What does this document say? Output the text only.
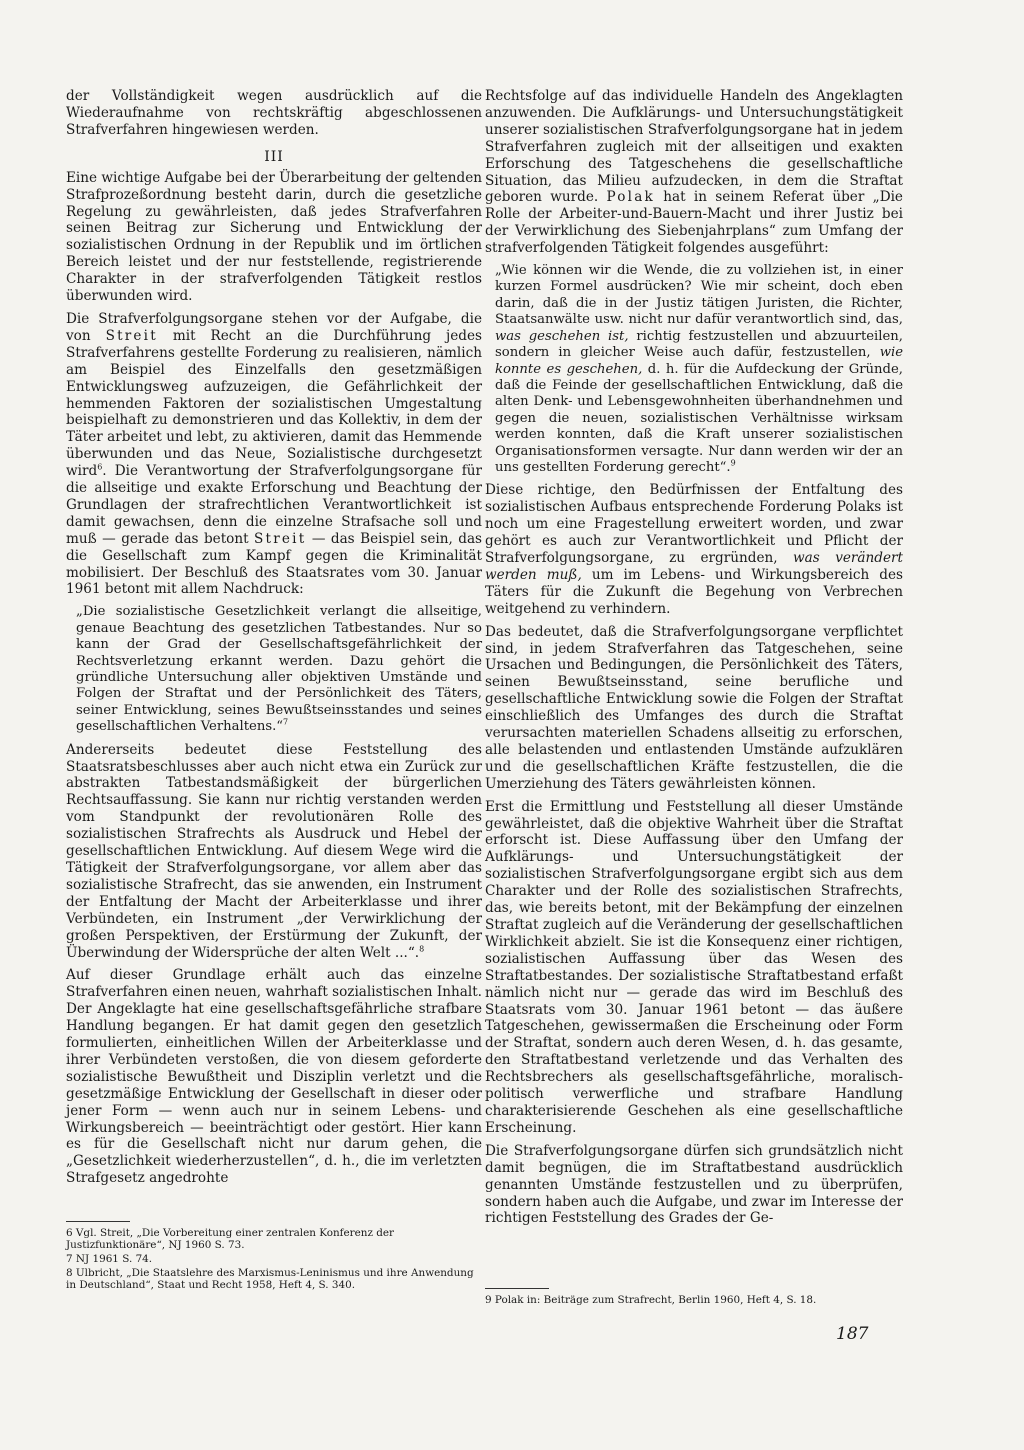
der Vollständigkeit wegen ausdrücklich auf die Wiederaufnahme von rechtskräftig abgeschlossenen Strafverfahren hingewiesen werden.

III

Eine wichtige Aufgabe bei der Überarbeitung der geltenden Strafprozeßordnung besteht darin, durch die gesetzliche Regelung zu gewährleisten, daß jedes Strafverfahren seinen Beitrag zur Sicherung und Entwicklung der sozialistischen Ordnung in der Republik und im örtlichen Bereich leistet und der nur feststellende, registrierende Charakter in der strafverfolgenden Tätigkeit restlos überwunden wird.

Die Strafverfolgungsorgane stehen vor der Aufgabe, die von Streit mit Recht an die Durchführung jedes Strafverfahrens gestellte Forderung zu realisieren, nämlich am Beispiel des Einzelfalls den gesetzmäßigen Entwicklungsweg aufzuzeigen, die Gefährlichkeit der hemmenden Faktoren der sozialistischen Umgestaltung beispielhaft zu demonstrieren und das Kollektiv, in dem der Täter arbeitet und lebt, zu aktivieren, damit das Hemmende überwunden und das Neue, Sozialistische durchgesetzt wird$^6$. Die Verantwortung der Strafverfolgungsorgane für die allseitige und exakte Erforschung und Beachtung der Grundlagen der strafrechtlichen Verantwortlichkeit ist damit gewachsen, denn die einzelne Strafsache soll und muß — gerade das betont Streit — das Beispiel sein, das die Gesellschaft zum Kampf gegen die Kriminalität mobilisiert. Der Beschluß des Staatsrates vom 30. Januar 1961 betont mit allem Nachdruck:

„Die sozialistische Gesetzlichkeit verlangt die allseitige, genaue Beachtung des gesetzlichen Tatbestandes. Nur so kann der Grad der Gesellschaftsgefährlichkeit der Rechtsverletzung erkannt werden. Dazu gehört die gründliche Untersuchung aller objektiven Umstände und Folgen der Straftat und der Persönlichkeit des Täters, seiner Entwicklung, seines Bewußtseinsstandes und seines gesellschaftlichen Verhaltens.“$^7$

Andererseits bedeutet diese Feststellung des Staatsratsbeschlusses aber auch nicht etwa ein Zurück zur abstrakten Tatbestandsmäßigkeit der bürgerlichen Rechtsauffassung. Sie kann nur richtig verstanden werden vom Standpunkt der revolutionären Rolle des sozialistischen Strafrechts als Ausdruck und Hebel der gesellschaftlichen Entwicklung. Auf diesem Wege wird die Tätigkeit der Strafverfolgungsorgane, vor allem aber das sozialistische Strafrecht, das sie anwenden, ein Instrument der Entfaltung der Macht der Arbeiterklasse und ihrer Verbündeten, ein Instrument „der Verwirklichung der großen Perspektiven, der Erstürmung der Zukunft, der Überwindung der Widersprüche der alten Welt ...“.$^8$

Auf dieser Grundlage erhält auch das einzelne Strafverfahren einen neuen, wahrhaft sozialistischen Inhalt. Der Angeklagte hat eine gesellschaftsgefährliche strafbare Handlung begangen. Er hat damit gegen den gesetzlich formulierten, einheitlichen Willen der Arbeiterklasse und ihrer Verbündeten verstoßen, die von diesem geforderte sozialistische Bewußtheit und Disziplin verletzt und die gesetzmäßige Entwicklung der Gesellschaft in dieser oder jener Form — wenn auch nur in seinem Lebens- und Wirkungsbereich — beeinträchtigt oder gestört. Hier kann es für die Gesellschaft nicht nur darum gehen, die „Gesetzlichkeit wiederherzustellen“, d. h., die im verletzten Strafgesetz angedrohte

Rechtsfolge auf das individuelle Handeln des Angeklagten anzuwenden. Die Aufklärungs- und Untersuchungstätigkeit unserer sozialistischen Strafverfolgungsorgane hat in jedem Strafverfahren zugleich mit der allseitigen und exakten Erforschung des Tatgeschehens die gesellschaftliche Situation, das Milieu aufzudecken, in dem die Straftat geboren wurde. Polak hat in seinem Referat über „Die Rolle der Arbeiter-und-Bauern-Macht und ihrer Justiz bei der Verwirklichung des Siebenjahrplans“ zum Umfang der strafverfolgenden Tätigkeit folgendes ausgeführt:

„Wie können wir die Wende, die zu vollziehen ist, in einer kurzen Formel ausdrücken? Wie mir scheint, doch eben darin, daß die in der Justiz tätigen Juristen, die Richter, Staatsanwälte usw. nicht nur dafür verantwortlich sind, das, was geschehen ist, richtig festzustellen und abzuurteilen, sondern in gleicher Weise auch dafür, festzustellen, wie konnte es geschehen, d. h. für die Aufdeckung der Gründe, daß die Feinde der gesellschaftlichen Entwicklung, daß die alten Denk- und Lebensgewohnheiten überhandnehmen und gegen die neuen, sozialistischen Verhältnisse wirksam werden konnten, daß die Kraft unserer sozialistischen Organisationsformen versagte. Nur dann werden wir der an uns gestellten Forderung gerecht“.$^9$

Diese richtige, den Bedürfnissen der Entfaltung des sozialistischen Aufbaus entsprechende Forderung Polaks ist noch um eine Fragestellung erweitert worden, und zwar gehört es auch zur Verantwortlichkeit und Pflicht der Strafverfolgungsorgane, zu ergründen, was verändert werden muß, um im Lebens- und Wirkungsbereich des Täters für die Zukunft die Begehung von Verbrechen weitgehend zu verhindern.

Das bedeutet, daß die Strafverfolgungsorgane verpflichtet sind, in jedem Strafverfahren das Tatgeschehen, seine Ursachen und Bedingungen, die Persönlichkeit des Täters, seinen Bewußtseinsstand, seine berufliche und gesellschaftliche Entwicklung sowie die Folgen der Straftat einschließlich des Umfanges des durch die Straftat verursachten materiellen Schadens allseitig zu erforschen, alle belastenden und entlastenden Umstände aufzuklären und die gesellschaftlichen Kräfte festzustellen, die die Umerziehung des Täters gewährleisten können.

Erst die Ermittlung und Feststellung all dieser Umstände gewährleistet, daß die objektive Wahrheit über die Straftat erforscht ist. Diese Auffassung über den Umfang der Aufklärungs- und Untersuchungstätigkeit der sozialistischen Strafverfolgungsorgane ergibt sich aus dem Charakter und der Rolle des sozialistischen Strafrechts, das, wie bereits betont, mit der Bekämpfung der einzelnen Straftat zugleich auf die Veränderung der gesellschaftlichen Wirklichkeit abzielt. Sie ist die Konsequenz einer richtigen, sozialistischen Auffassung über das Wesen des Straftatbestandes. Der sozialistische Straftatbestand erfaßt nämlich nicht nur — gerade das wird im Beschluß des Staatsrats vom 30. Januar 1961 betont — das äußere Tatgeschehen, gewissermaßen die Erscheinung oder Form der Straftat, sondern auch deren Wesen, d. h. das gesamte, den Straftatbestand verletzende und das Verhalten des Rechtsbrechers als gesellschaftsgefährliche, moralisch-politisch verwerfliche und strafbare Handlung charakterisierende Geschehen als eine gesellschaftliche Erscheinung.

Die Strafverfolgungsorgane dürfen sich grundsätzlich nicht damit begnügen, die im Straftatbestand ausdrücklich genannten Umstände festzustellen und zu überprüfen, sondern haben auch die Aufgabe, und zwar im Interesse der richtigen Feststellung des Grades der Ge-

6 Vgl. Streit, „Die Vorbereitung einer zentralen Konferenz der Justizfunktionäre“, NJ 1960 S. 73.

7 NJ 1961 S. 74.

8 Ulbricht, „Die Staatslehre des Marxismus-Leninismus und ihre Anwendung in Deutschland“, Staat und Recht 1958, Heft 4, S. 340.

9 Polak in: Beiträge zum Strafrecht, Berlin 1960, Heft 4, S. 18.

187
